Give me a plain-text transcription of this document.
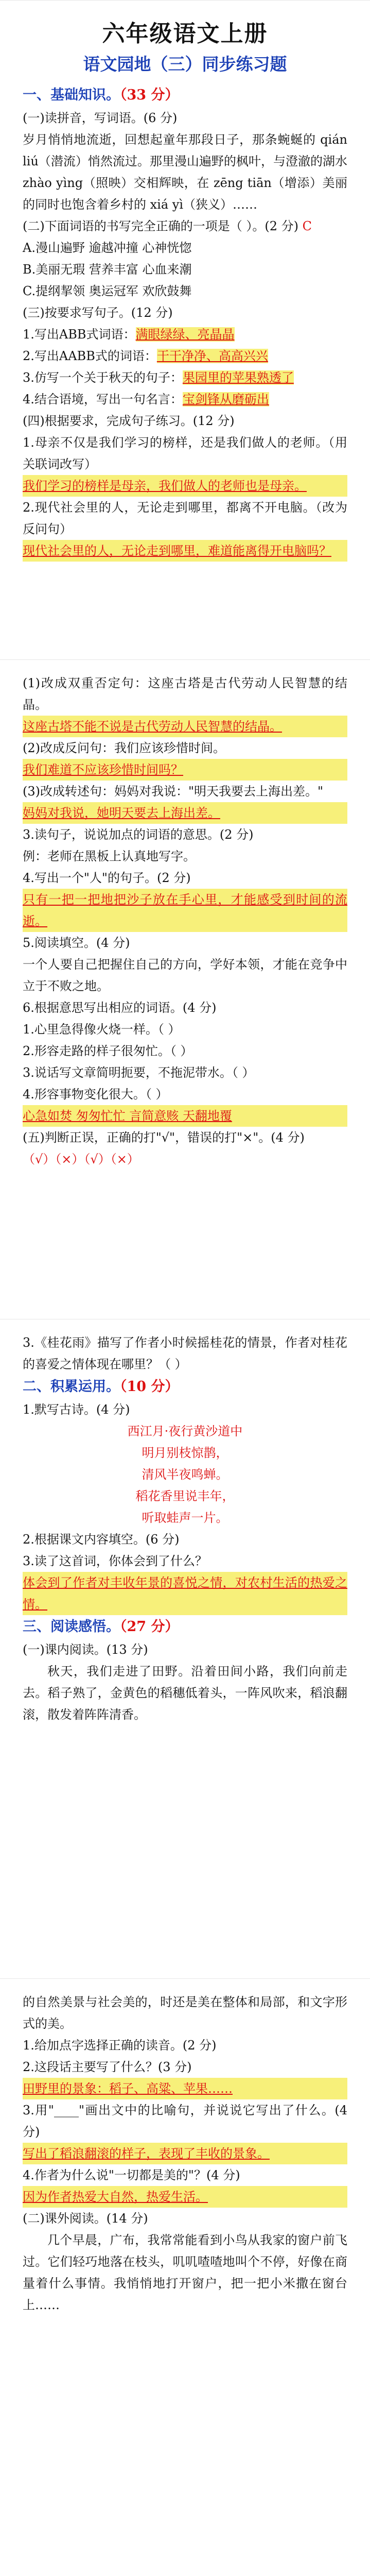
六年级语文上册
语文园地（三）同步练习题
一、基础知识。（33 分）

(一)读拼音，写词语。(6 分)

岁月悄悄地流逝，回想起童年那段日子，那条蜿蜒的 qián liú（潜流）悄然流过。那里漫山遍野的枫叶，与澄澈的湖水 zhào yìng（照映）交相辉映，在 zēng tiān（增添）美丽的同时也饱含着乡村的 xiá yì（狭义）……

(二)下面词语的书写完全正确的一项是（ ）。(2 分) C

A.漫山遍野 逾越冲撞 心神恍惚

B.美丽无瑕 营养丰富 心血来潮

C.提纲挈领 奥运冠军 欢欣鼓舞

(三)按要求写句子。(12 分)

1.写出ABB式词语：满眼绿绿、亮晶晶

2.写出AABB式的词语：干干净净、高高兴兴

3.仿写一个关于秋天的句子：果园里的苹果熟透了

4.结合语境，写出一句名言：宝剑锋从磨砺出

(四)根据要求，完成句子练习。(12 分)

1.母亲不仅是我们学习的榜样，还是我们做人的老师。（用关联词改写）

我们学习的榜样是母亲，我们做人的老师也是母亲。

2.现代社会里的人，无论走到哪里，都离不开电脑。（改为反问句）

现代社会里的人，无论走到哪里，难道能离得开电脑吗？

(1)改成双重否定句：这座古塔是古代劳动人民智慧的结晶。

这座古塔不能不说是古代劳动人民智慧的结晶。

(2)改成反问句：我们应该珍惜时间。

我们难道不应该珍惜时间吗？

(3)改成转述句：妈妈对我说："明天我要去上海出差。"

妈妈对我说，她明天要去上海出差。

3.读句子，说说加点的词语的意思。(2 分)

例：老师在黑板上认真地写字。

4.写出一个"人"的句子。(2 分)

只有一把一把地把沙子放在手心里，才能感受到时间的流逝。

5.阅读填空。(4 分)

一个人要自己把握住自己的方向，学好本领，才能在竞争中立于不败之地。

6.根据意思写出相应的词语。(4 分)

1.心里急得像火烧一样。（ ）

2.形容走路的样子很匆忙。（ ）

3.说话写文章简明扼要，不拖泥带水。（ ）

4.形容事物变化很大。（ ）

心急如焚 匆匆忙忙 言简意赅 天翻地覆

(五)判断正误，正确的打"√"，错误的打"×"。(4 分)

（√）（×）（√）（×）

3.《桂花雨》描写了作者小时候摇桂花的情景，作者对桂花的喜爱之情体现在哪里？（ ）

二、积累运用。（10 分）

1.默写古诗。(4 分)

西江月·夜行黄沙道中

明月别枝惊鹊，

清风半夜鸣蝉。

稻花香里说丰年，

听取蛙声一片。

2.根据课文内容填空。(6 分)

3.读了这首词，你体会到了什么？

体会到了作者对丰收年景的喜悦之情，对农村生活的热爱之情。

三、阅读感悟。（27 分）

(一)课内阅读。(13 分)

秋天，我们走进了田野。沿着田间小路，我们向前走去。稻子熟了，金黄色的稻穗低着头，一阵风吹来，稻浪翻滚，散发着阵阵清香。

的自然美景与社会美的，时还是美在整体和局部，和文字形式的美。

1.给加点字选择正确的读音。(2 分)

2.这段话主要写了什么？(3 分)

田野里的景象：稻子、高粱、苹果……

3.用"____"画出文中的比喻句，并说说它写出了什么。(4 分)

写出了稻浪翻滚的样子，表现了丰收的景象。

4.作者为什么说"一切都是美的"？(4 分)

因为作者热爱大自然，热爱生活。

(二)课外阅读。(14 分)

几个早晨，广布，我常常能看到小鸟从我家的窗户前飞过。它们轻巧地落在枝头，叽叽喳喳地叫个不停，好像在商量着什么事情。我悄悄地打开窗户，把一把小米撒在窗台上……
